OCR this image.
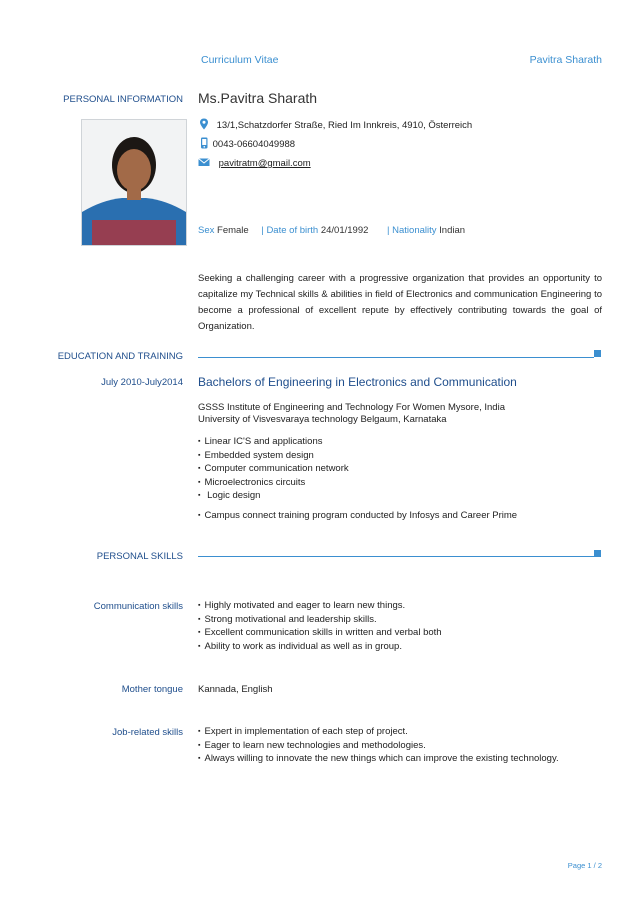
Curriculum Vitae	Pavitra Sharath
PERSONAL INFORMATION Ms.Pavitra Sharath
13/1,Schatzdorfer Straße, Ried Im Innkreis, 4910, Österreich
0043-06604049988
pavitratm@gmail.com
Sex Female | Date of birth 24/01/1992 | Nationality Indian
Seeking a challenging career with a progressive organization that provides an opportunity to capitalize my Technical skills & abilities in field of Electronics and communication Engineering to become a professional of excellent repute by effectively contributing towards the goal of Organization.
EDUCATION AND TRAINING
July 2010-July2014 Bachelors of Engineering in Electronics and Communication
GSSS Institute of Engineering and Technology For Women Mysore, India
University of Visvesvaraya technology Belgaum, Karnataka
▪ Linear IC'S and applications
▪ Embedded system design
▪ Computer communication network
▪ Microelectronics circuits
▪ Logic design
▪ Campus connect training program conducted by Infosys and Career Prime
PERSONAL SKILLS
Communication skills	▪ Highly motivated and eager to learn new things.
▪ Strong motivational and leadership skills.
▪ Excellent communication skills in written and verbal both
▪ Ability to work as individual as well as in group.
Mother tongue Kannada, English
Job-related skills	▪ Expert in implementation of each step of project.
▪ Eager to learn new technologies and methodologies.
▪ Always willing to innovate the new things which can improve the existing technology.
Page 1 / 2
